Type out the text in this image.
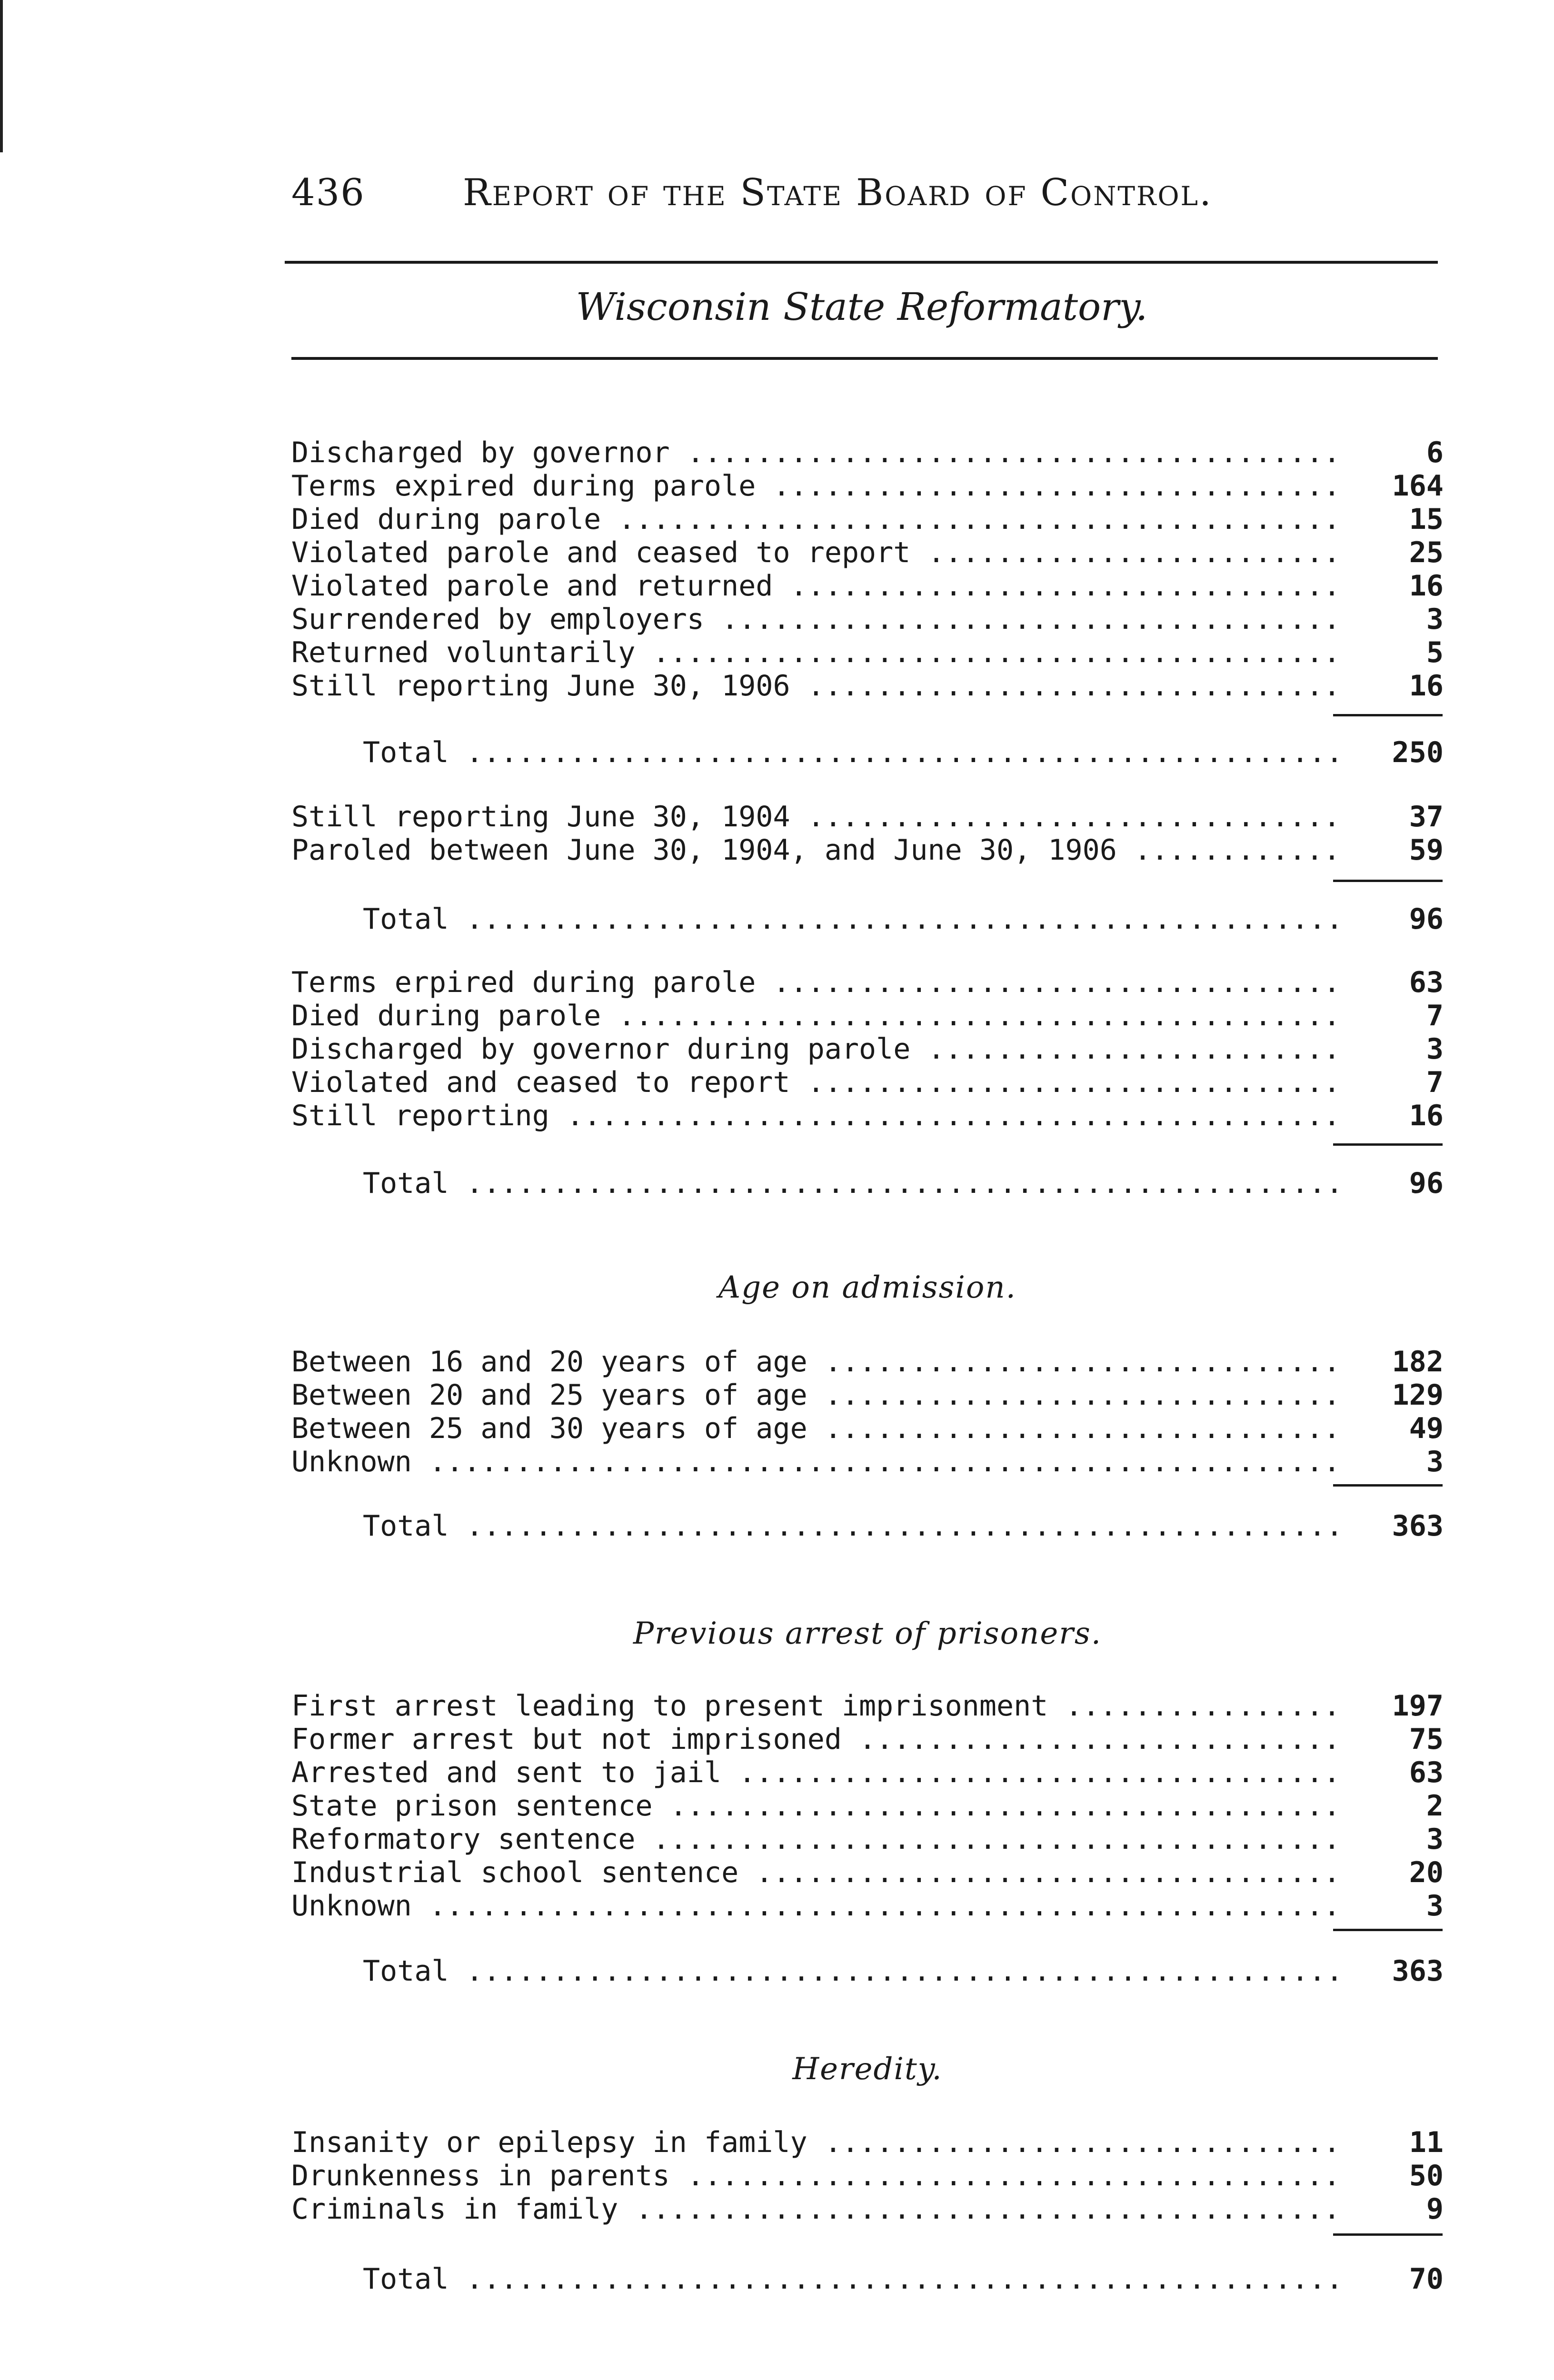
436	Report of the State Board of Control.
Wisconsin State Reformatory.
Discharged by governor .....	6
Terms expired during parole .....	164
Died during parole .....	15
Violated parole and ceased to report .....	25
Violated parole and returned .....	16
Surrendered by employers .....	3
Returned voluntarily .....	5
Still reporting June 30, 1906 .....	16
Total .....	250
Still reporting June 30, 1904 .....	37
Paroled between June 30, 1904, and June 30, 1906 .....	59
Total .....	96
Terms erpired during parole .....	63
Died during parole .....	7
Discharged by governor during parole .....	3
Violated and ceased to report .....	7
Still reporting .....	16
Total .....	96
Age on admission.
Between 16 and 20 years of age .....	182
Between 20 and 25 years of age .....	129
Between 25 and 30 years of age .....	49
Unknown .....	3
Total .....	363
Previous arrest of prisoners.
First arrest leading to present imprisonment .....	197
Former arrest but not imprisoned .....	75
Arrested and sent to jail .....	63
State prison sentence .....	2
Reformatory sentence .....	3
Industrial school sentence .....	20
Unknown .....	3
Total .....	363
Heredity.
Insanity or epilepsy in family .....	11
Drunkenness in parents .....	50
Criminals in family .....	9
Total .....	70
